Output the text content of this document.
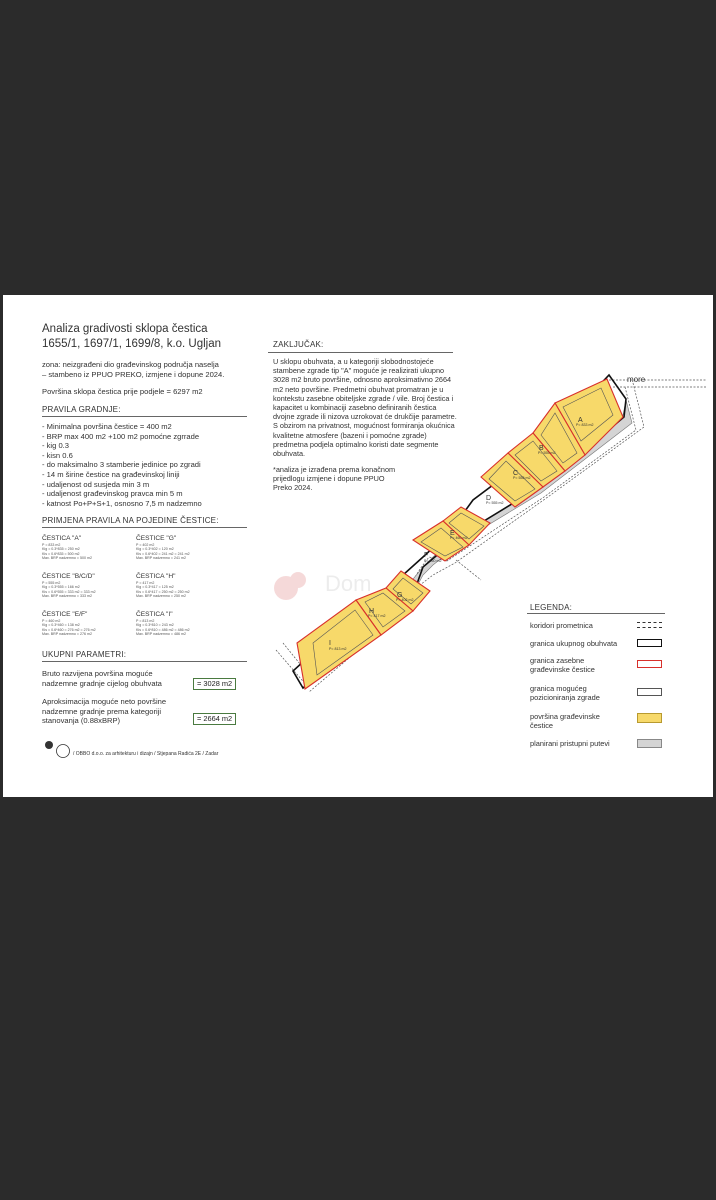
Analiza gradivosti sklopa čestica
1655/1, 1697/1, 1699/8, k.o. Ugljan
zona: neizgrađeni dio građevinskog područja naselja
– stambeno iz PPUO PREKO, izmjene i dopune 2024.
Površina sklopa čestica prije podjele = 6297 m2
PRAVILA GRADNJE:
- Minimalna površina čestice = 400 m2
- BRP max 400 m2 +100 m2 pomoćne zgrrade
- kig 0.3
- kisn 0.6
- do maksimalno 3 stamberie jedinice po zgradi
- 14 m širine čestice na građevinskoj liniji
- udaljenost od susjeda min 3 m
- udaljenost građevinskog pravca min 5 m
- katnost Po+P+S+1, osnosno 7,5 m nadzemno
PRIMJENA PRAVILA NA POJEDINE ČESTICE:
ČESTICA "A"
P = 833 m2
Kig = 0.3*835 = 250 m2
Kis = 0.6*835 = 500 m2
Max. BRP nadzemno = 500 m2
ČESTICE "B/C/D"
P = 555 m2
Kig = 0.3*555 = 166 m2
Kis = 0.6*555 = 333 m2 = 333 m2
Max. BRP nadzemno = 333 m2
ČESTICE "E/F"
P = 460 m2
Kig = 0.3*460 = 138 m2
Kis = 0.6*460 = 276 m2 = 276 m2
Max. BRP nadzemno = 276 m2
ČESTICE "G"
P = 402 m2
Kig = 0.3*402 = 120 m2
Kis = 0.6*402 = 241 m2 = 241 m2
Max. BRP nadzemno = 241 m2
ČESTICA "H"
P = 417 m2
Kig = 0.3*417 = 125 m2
Kis = 0.6*417 = 250 m2 = 250 m2
Max. BRP nadzemno = 250 m2
ČESTICA "I"
P = 813 m2
Kig = 0.3*810 = 243 m2
Kis = 0.6*810 = 486 m2 = 486 m2
Max. BRP nadzemno = 486 m2
UKUPNI PARAMETRI:
Bruto razvijena površina moguće
nadzemne gradnje cijelog obuhvata	= 3028 m2
Aproksimacija moguće neto površine
nadzemne gradnje prema kategoriji
stanovanja (0.88xBRP)	= 2664 m2
/ OBBO d.o.o. za arhitekturu i dizajn / Stjepana Radića 2E / Zadar
ZAKLJUČAK:
U sklopu obuhvata, a u kategoriji slobodnostojeće
stambene zgrade tip "A" moguće je realizirati ukupno
3028 m2 bruto površine, odnosno aproksimativno 2664
m2 neto površine. Predmetni obuhvat promatran je u
kontekstu zasebne obiteljske zgrade / vile. Broj čestica i
kapacitet u kombinaciji zasebno definiranih čestica
dvojne zgrade ili nizova uzrokovat će drukčije parametre.
S obzirom na privatnost, mogućnost formiranja okućnica
kvalitetne atmosfere (bazeni i pomoćne zgrade)
predmetna podjela optimalno koristi date segmente
obuhvata.
*analiza je izrađena prema konačnom
prijedlogu izmjene i dopune PPUO
Preko 2024.
Dom
A
B
C
D
E
F
G
H
I
P= 833 m2
P= 555 m2
P= 555 m2
P= 555 m2
P= 460 m2
P= 460 m2
P= 402 m2
P= 417 m2
P= 813 m2
more
LEGENDA:
koridori prometnica
granica ukupnog obuhvata
granica zasebne
građevinske čestice
granica mogućeg
pozicioniranja zgrade
površina građevinske
čestice
planirani pristupni putevi
